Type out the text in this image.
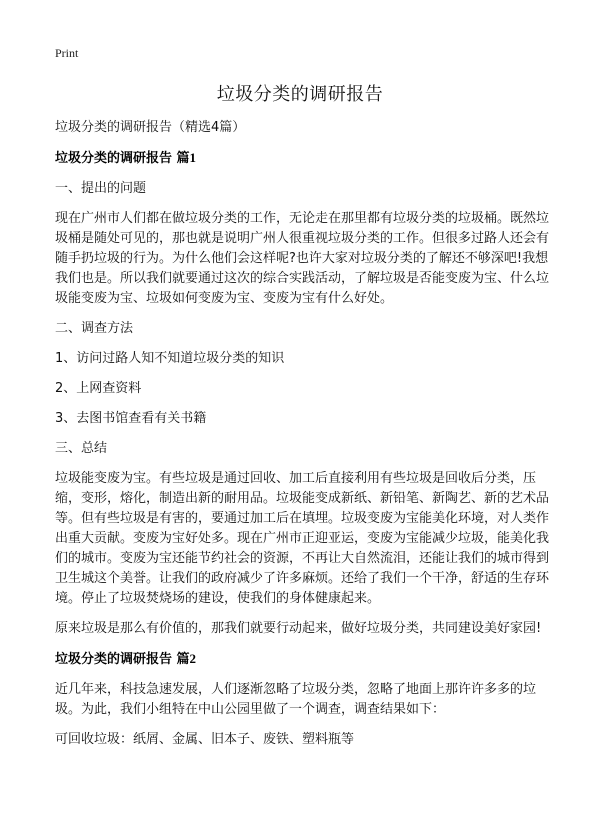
Print
垃圾分类的调研报告

垃圾分类的调研报告（精选4篇）

垃圾分类的调研报告 篇1

一、提出的问题

现在广州市人们都在做垃圾分类的工作，无论走在那里都有垃圾分类的垃圾桶。既然垃圾桶是随处可见的，那也就是说明广州人很重视垃圾分类的工作。但很多过路人还会有随手扔垃圾的行为。为什么他们会这样呢?也许大家对垃圾分类的了解还不够深吧!我想我们也是。所以我们就要通过这次的综合实践活动，了解垃圾是否能变废为宝、什么垃圾能变废为宝、垃圾如何变废为宝、变废为宝有什么好处。

二、调查方法

1、访问过路人知不知道垃圾分类的知识

2、上网查资料

3、去图书馆查看有关书籍

三、总结

垃圾能变废为宝。有些垃圾是通过回收、加工后直接利用有些垃圾是回收后分类，压缩，变形，熔化，制造出新的耐用品。垃圾能变成新纸、新铅笔、新陶艺、新的艺术品等。但有些垃圾是有害的，要通过加工后在填埋。垃圾变废为宝能美化环境，对人类作出重大贡献。变废为宝好处多。现在广州市正迎亚运，变废为宝能减少垃圾，能美化我们的城市。变废为宝还能节约社会的资源，不再让大自然流泪，还能让我们的城市得到卫生城这个美誉。让我们的政府减少了许多麻烦。还给了我们一个干净，舒适的生存环境。停止了垃圾焚烧场的建设，使我们的身体健康起来。

原来垃圾是那么有价值的，那我们就要行动起来，做好垃圾分类，共同建设美好家园!

垃圾分类的调研报告 篇2

近几年来，科技急速发展，人们逐渐忽略了垃圾分类，忽略了地面上那许许多多的垃圾。为此，我们小组特在中山公园里做了一个调查，调查结果如下：

可回收垃圾：纸屑、金属、旧本子、废铁、塑料瓶等
